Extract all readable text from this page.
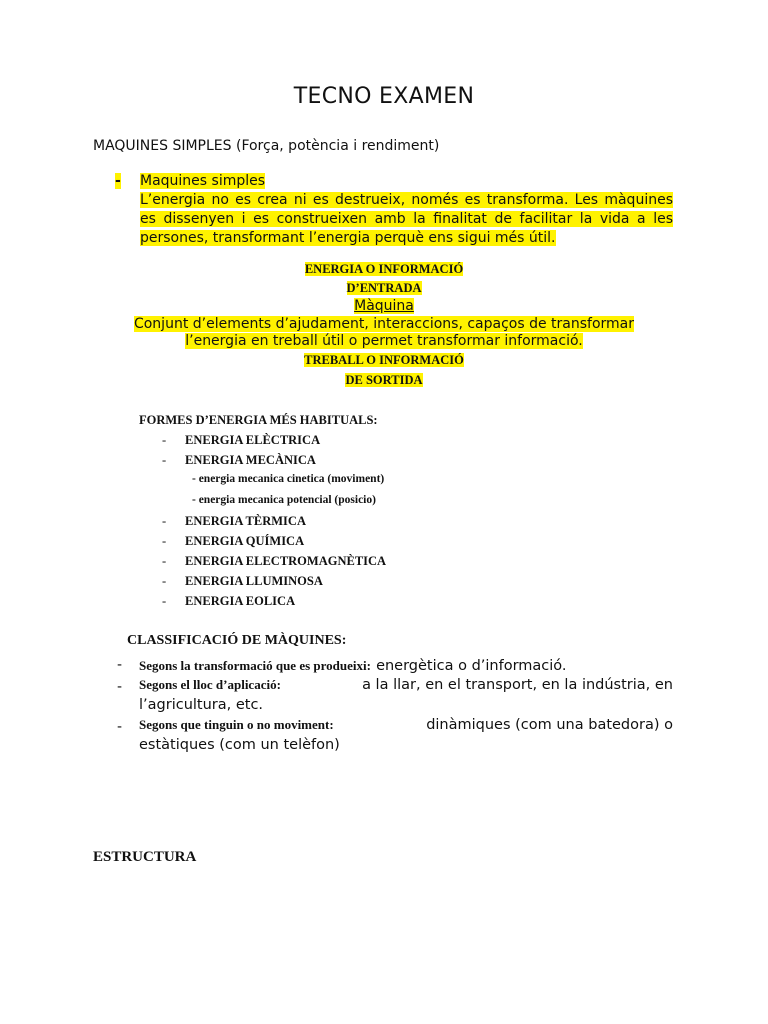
TECNO EXAMEN
MAQUINES SIMPLES (Força, potència i rendiment)
- Maquines simples
L’energia no es crea ni es destrueix, només es transforma. Les màquines
es dissenyen i es construeixen amb la finalitat de facilitar la vida a les
persones, transformant l’energia perquè ens sigui més útil.
ENERGIA O INFORMACIÓ
D’ENTRADA
Màquina
Conjunt d’elements d’ajudament, interaccions, capaços de transformar
l’energia en treball útil o permet transformar informació.
TREBALL O INFORMACIÓ
DE SORTIDA
FORMES D’ENERGIA MÉS HABITUALS:
- ENERGIA ELÈCTRICA
- ENERGIA MECÀNICA
- energia mecanica cinetica (moviment)
- energia mecanica potencial (posicio)
- ENERGIA TÈRMICA
- ENERGIA QUÍMICA
- ENERGIA ELECTROMAGNÈTICA
- ENERGIA LLUMINOSA
- ENERGIA EOLICA
CLASSIFICACIÓ DE MÀQUINES:
- Segons la transformació que es produeixi: energètica o d’informació.
- Segons el lloc d’aplicació:	a la llar, en el transport, en la indústria, en
l’agricultura, etc.
- Segons que tinguin o no moviment:	dinàmiques (com una batedora) o
estàtiques (com un telèfon)
ESTRUCTURA
